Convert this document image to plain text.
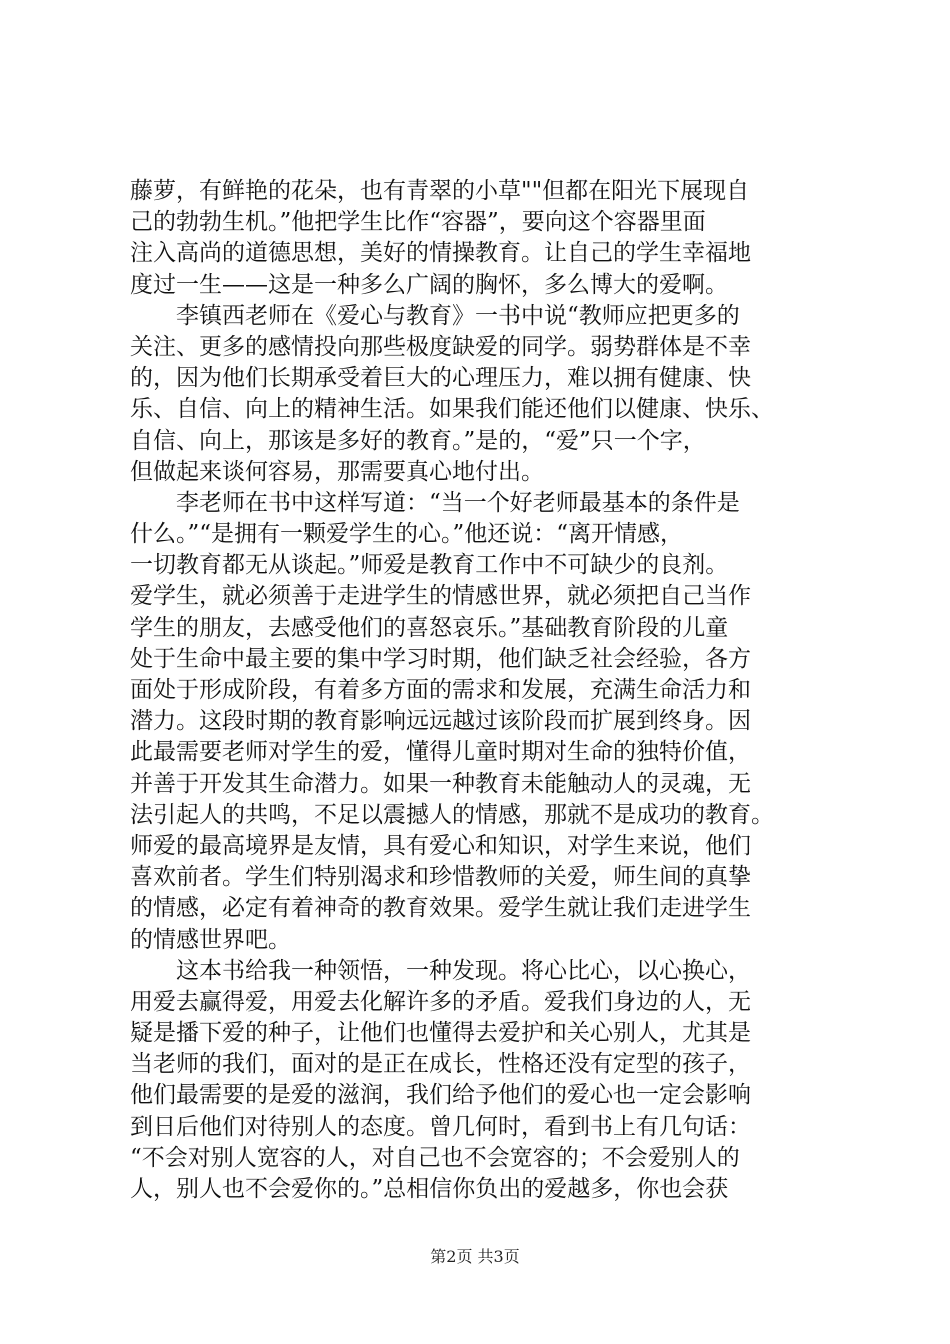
藤萝，有鲜艳的花朵，也有青翠的小草""但都在阳光下展现自
己的勃勃生机。”他把学生比作“容器”，要向这个容器里面
注入高尚的道德思想，美好的情操教育。让自己的学生幸福地
度过一生——这是一种多么广阔的胸怀，多么博大的爱啊。
　　李镇西老师在《爱心与教育》一书中说“教师应把更多的
关注、更多的感情投向那些极度缺爱的同学。弱势群体是不幸
的，因为他们长期承受着巨大的心理压力，难以拥有健康、快
乐、自信、向上的精神生活。如果我们能还他们以健康、快乐、
自信、向上，那该是多好的教育。”是的，“爱”只一个字，
但做起来谈何容易，那需要真心地付出。
　　李老师在书中这样写道：“当一个好老师最基本的条件是
什么。”“是拥有一颗爱学生的心。”他还说：“离开情感，
一切教育都无从谈起。”师爱是教育工作中不可缺少的良剂。
爱学生，就必须善于走进学生的情感世界，就必须把自己当作
学生的朋友，去感受他们的喜怒哀乐。”基础教育阶段的儿童
处于生命中最主要的集中学习时期，他们缺乏社会经验，各方
面处于形成阶段，有着多方面的需求和发展，充满生命活力和
潜力。这段时期的教育影响远远越过该阶段而扩展到终身。因
此最需要老师对学生的爱，懂得儿童时期对生命的独特价值，
并善于开发其生命潜力。如果一种教育未能触动人的灵魂，无
法引起人的共鸣，不足以震撼人的情感，那就不是成功的教育。
师爱的最高境界是友情，具有爱心和知识，对学生来说，他们
喜欢前者。学生们特别渴求和珍惜教师的关爱，师生间的真挚
的情感，必定有着神奇的教育效果。爱学生就让我们走进学生
的情感世界吧。
　　这本书给我一种领悟，一种发现。将心比心，以心换心，
用爱去赢得爱，用爱去化解许多的矛盾。爱我们身边的人，无
疑是播下爱的种子，让他们也懂得去爱护和关心别人，尤其是
当老师的我们，面对的是正在成长，性格还没有定型的孩子，
他们最需要的是爱的滋润，我们给予他们的爱心也一定会影响
到日后他们对待别人的态度。曾几何时，看到书上有几句话：
“不会对别人宽容的人，对自己也不会宽容的；不会爱别人的
人，别人也不会爱你的。”总相信你负出的爱越多，你也会获
第2页 共3页
